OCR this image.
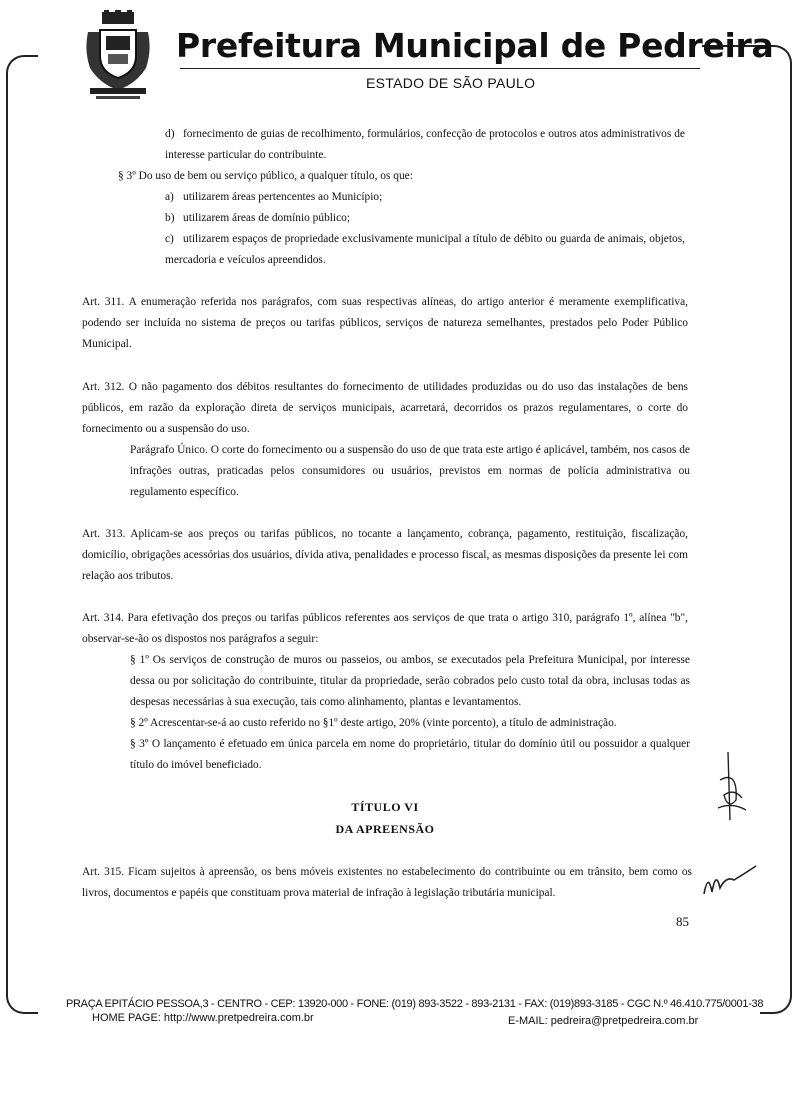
Prefeitura Municipal de Pedreira
ESTADO DE SÃO PAULO
d) fornecimento de guias de recolhimento, formulários, confecção de protocolos e outros atos administrativos de interesse particular do contribuinte.
§ 3º Do uso de bem ou serviço público, a qualquer título, os que:
a) utilizarem áreas pertencentes ao Município;
b) utilizarem áreas de domínio público;
c) utilizarem espaços de propriedade exclusivamente municipal a título de débito ou guarda de animais, objetos, mercadoria e veículos apreendidos.
Art. 311. A enumeração referida nos parágrafos, com suas respectivas alíneas, do artigo anterior é meramente exemplificativa, podendo ser incluída no sistema de preços ou tarifas públicos, serviços de natureza semelhantes, prestados pelo Poder Público Municipal.
Art. 312. O não pagamento dos débitos resultantes do fornecimento de utilidades produzidas ou do uso das instalações de bens públicos, em razão da exploração direta de serviços municipais, acarretará, decorridos os prazos regulamentares, o corte do fornecimento ou a suspensão do uso.
Parágrafo Único. O corte do fornecimento ou a suspensão do uso de que trata este artigo é aplicável, também, nos casos de infrações outras, praticadas pelos consumidores ou usuários, previstos em normas de polícia administrativa ou regulamento específico.
Art. 313. Aplicam-se aos preços ou tarifas públicos, no tocante a lançamento, cobrança, pagamento, restituição, fiscalização, domicílio, obrigações acessórias dos usuários, dívida ativa, penalidades e processo fiscal, as mesmas disposições da presente lei com relação aos tributos.
Art. 314. Para efetivação dos preços ou tarifas públicos referentes aos serviços de que trata o artigo 310, parágrafo 1º, alínea "b", observar-se-ão os dispostos nos parágrafos a seguir:
§ 1º Os serviços de construção de muros ou passeios, ou ambos, se executados pela Prefeitura Municipal, por interesse dessa ou por solicitação do contribuinte, titular da propriedade, serão cobrados pelo custo total da obra, inclusas todas as despesas necessárias à sua execução, tais como alinhamento, plantas e levantamentos.
§ 2º Acrescentar-se-á ao custo referido no §1º deste artigo, 20% (vinte porcento), a título de administração.
§ 3º O lançamento é efetuado em única parcela em nome do proprietário, titular do domínio útil ou possuidor a qualquer título do imóvel beneficiado.
TÍTULO VI
DA APREENSÃO
Art. 315. Ficam sujeitos à apreensão, os bens móveis existentes no estabelecimento do contribuinte ou em trânsito, bem como os livros, documentos e papéis que constituam prova material de infração à legislação tributária municipal.
85
PRAÇA EPITÁCIO PESSOA,3 - CENTRO - CEP: 13920-000 - FONE: (019) 893-3522 - 893-2131 - FAX: (019)893-3185 - CGC N.º 46.410.775/0001-38
HOME PAGE: http://www.pretpedreira.com.br	E-MAIL: pedreira@pretpedreira.com.br
